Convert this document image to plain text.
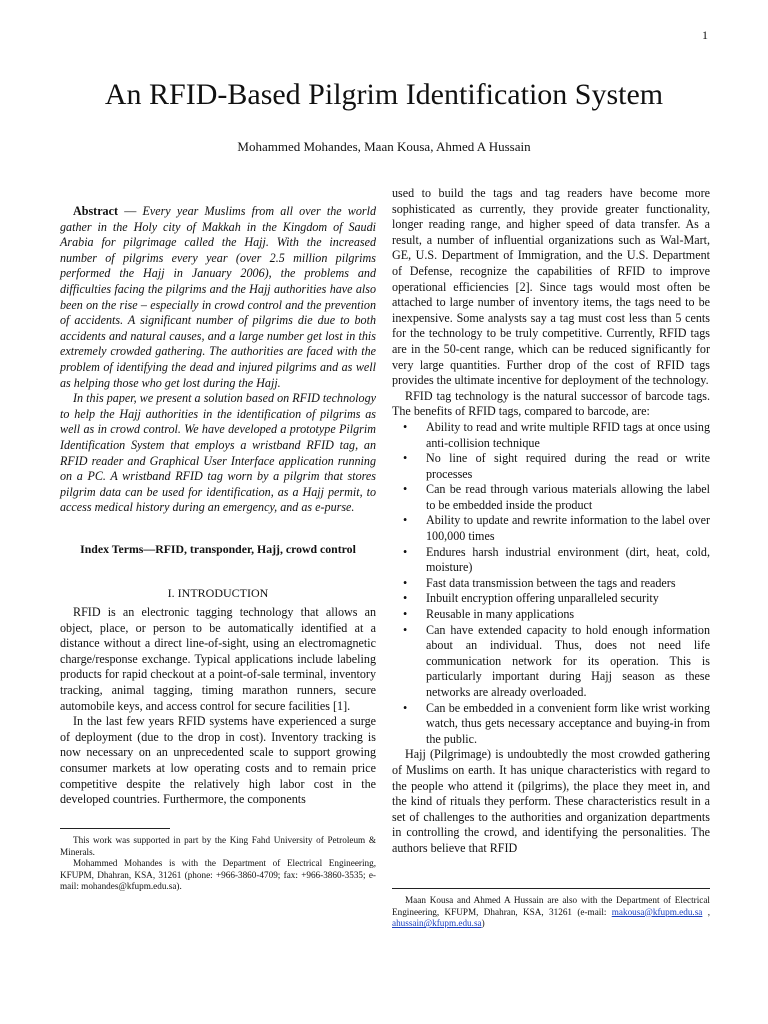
1
An RFID-Based Pilgrim Identification System
Mohammed Mohandes, Maan Kousa, Ahmed A Hussain

Abstract — Every year Muslims from all over the world gather in the Holy city of Makkah in the Kingdom of Saudi Arabia for pilgrimage called the Hajj. With the increased number of pilgrims every year (over 2.5 million pilgrims performed the Hajj in January 2006), the problems and difficulties facing the pilgrims and the Hajj authorities have also been on the rise – especially in crowd control and the prevention of accidents. A significant number of pilgrims die due to both accidents and natural causes, and a large number get lost in this extremely crowded gathering. The authorities are faced with the problem of identifying the dead and injured pilgrims and as well as helping those who get lost during the Hajj.

In this paper, we present a solution based on RFID technology to help the Hajj authorities in the identification of pilgrims as well as in crowd control. We have developed a prototype Pilgrim Identification System that employs a wristband RFID tag, an RFID reader and Graphical User Interface application running on a PC. A wristband RFID tag worn by a pilgrim that stores pilgrim data can be used for identification, as a Hajj permit, to access medical history during an emergency, and as e-purse.

Index Terms—RFID, transponder, Hajj, crowd control
I. INTRODUCTION

RFID is an electronic tagging technology that allows an object, place, or person to be automatically identified at a distance without a direct line-of-sight, using an electromagnetic charge/response exchange. Typical applications include labeling products for rapid checkout at a point-of-sale terminal, inventory tracking, animal tagging, timing marathon runners, secure automobile keys, and access control for secure facilities [1].

In the last few years RFID systems have experienced a surge of deployment (due to the drop in cost). Inventory tracking is now necessary on an unprecedented scale to support growing consumer markets at low operating costs and to remain price competitive despite the relatively high labor cost in the developed countries. Furthermore, the components

This work was supported in part by the King Fahd University of Petroleum & Minerals.

Mohammed Mohandes is with the Department of Electrical Engineering, KFUPM, Dhahran, KSA, 31261 (phone: +966-3860-4709; fax: +966-3860-3535; e-mail: mohandes@kfupm.edu.sa).

used to build the tags and tag readers have become more sophisticated as currently, they provide greater functionality, longer reading range, and higher speed of data transfer. As a result, a number of influential organizations such as Wal-Mart, GE, U.S. Department of Immigration, and the U.S. Department of Defense, recognize the capabilities of RFID to improve operational efficiencies [2]. Since tags would most often be attached to large number of inventory items, the tags need to be inexpensive. Some analysts say a tag must cost less than 5 cents for the technology to be truly competitive. Currently, RFID tags are in the 50-cent range, which can be reduced significantly for very large quantities. Further drop of the cost of RFID tags provides the ultimate incentive for deployment of the technology.

RFID tag technology is the natural successor of barcode tags. The benefits of RFID tags, compared to barcode, are:

• Ability to read and write multiple RFID tags at once using anti-collision technique
• No line of sight required during the read or write processes
• Can be read through various materials allowing the label to be embedded inside the product
• Ability to update and rewrite information to the label over 100,000 times
• Endures harsh industrial environment (dirt, heat, cold, moisture)
• Fast data transmission between the tags and readers
• Inbuilt encryption offering unparalleled security
• Reusable in many applications
• Can have extended capacity to hold enough information about an individual. Thus, does not need life communication network for its operation. This is particularly important during Hajj season as these networks are already overloaded.
• Can be embedded in a convenient form like wrist working watch, thus gets necessary acceptance and buying-in from the public.

Hajj (Pilgrimage) is undoubtedly the most crowded gathering of Muslims on earth. It has unique characteristics with regard to the people who attend it (pilgrims), the place they meet in, and the kind of rituals they perform. These characteristics result in a set of challenges to the authorities and organization departments in controlling the crowd, and identifying the personalities. The authors believe that RFID

Maan Kousa and Ahmed A Hussain are also with the Department of Electrical Engineering, KFUPM, Dhahran, KSA, 31261 (e-mail: makousa@kfupm.edu.sa , ahussain@kfupm.edu.sa)
